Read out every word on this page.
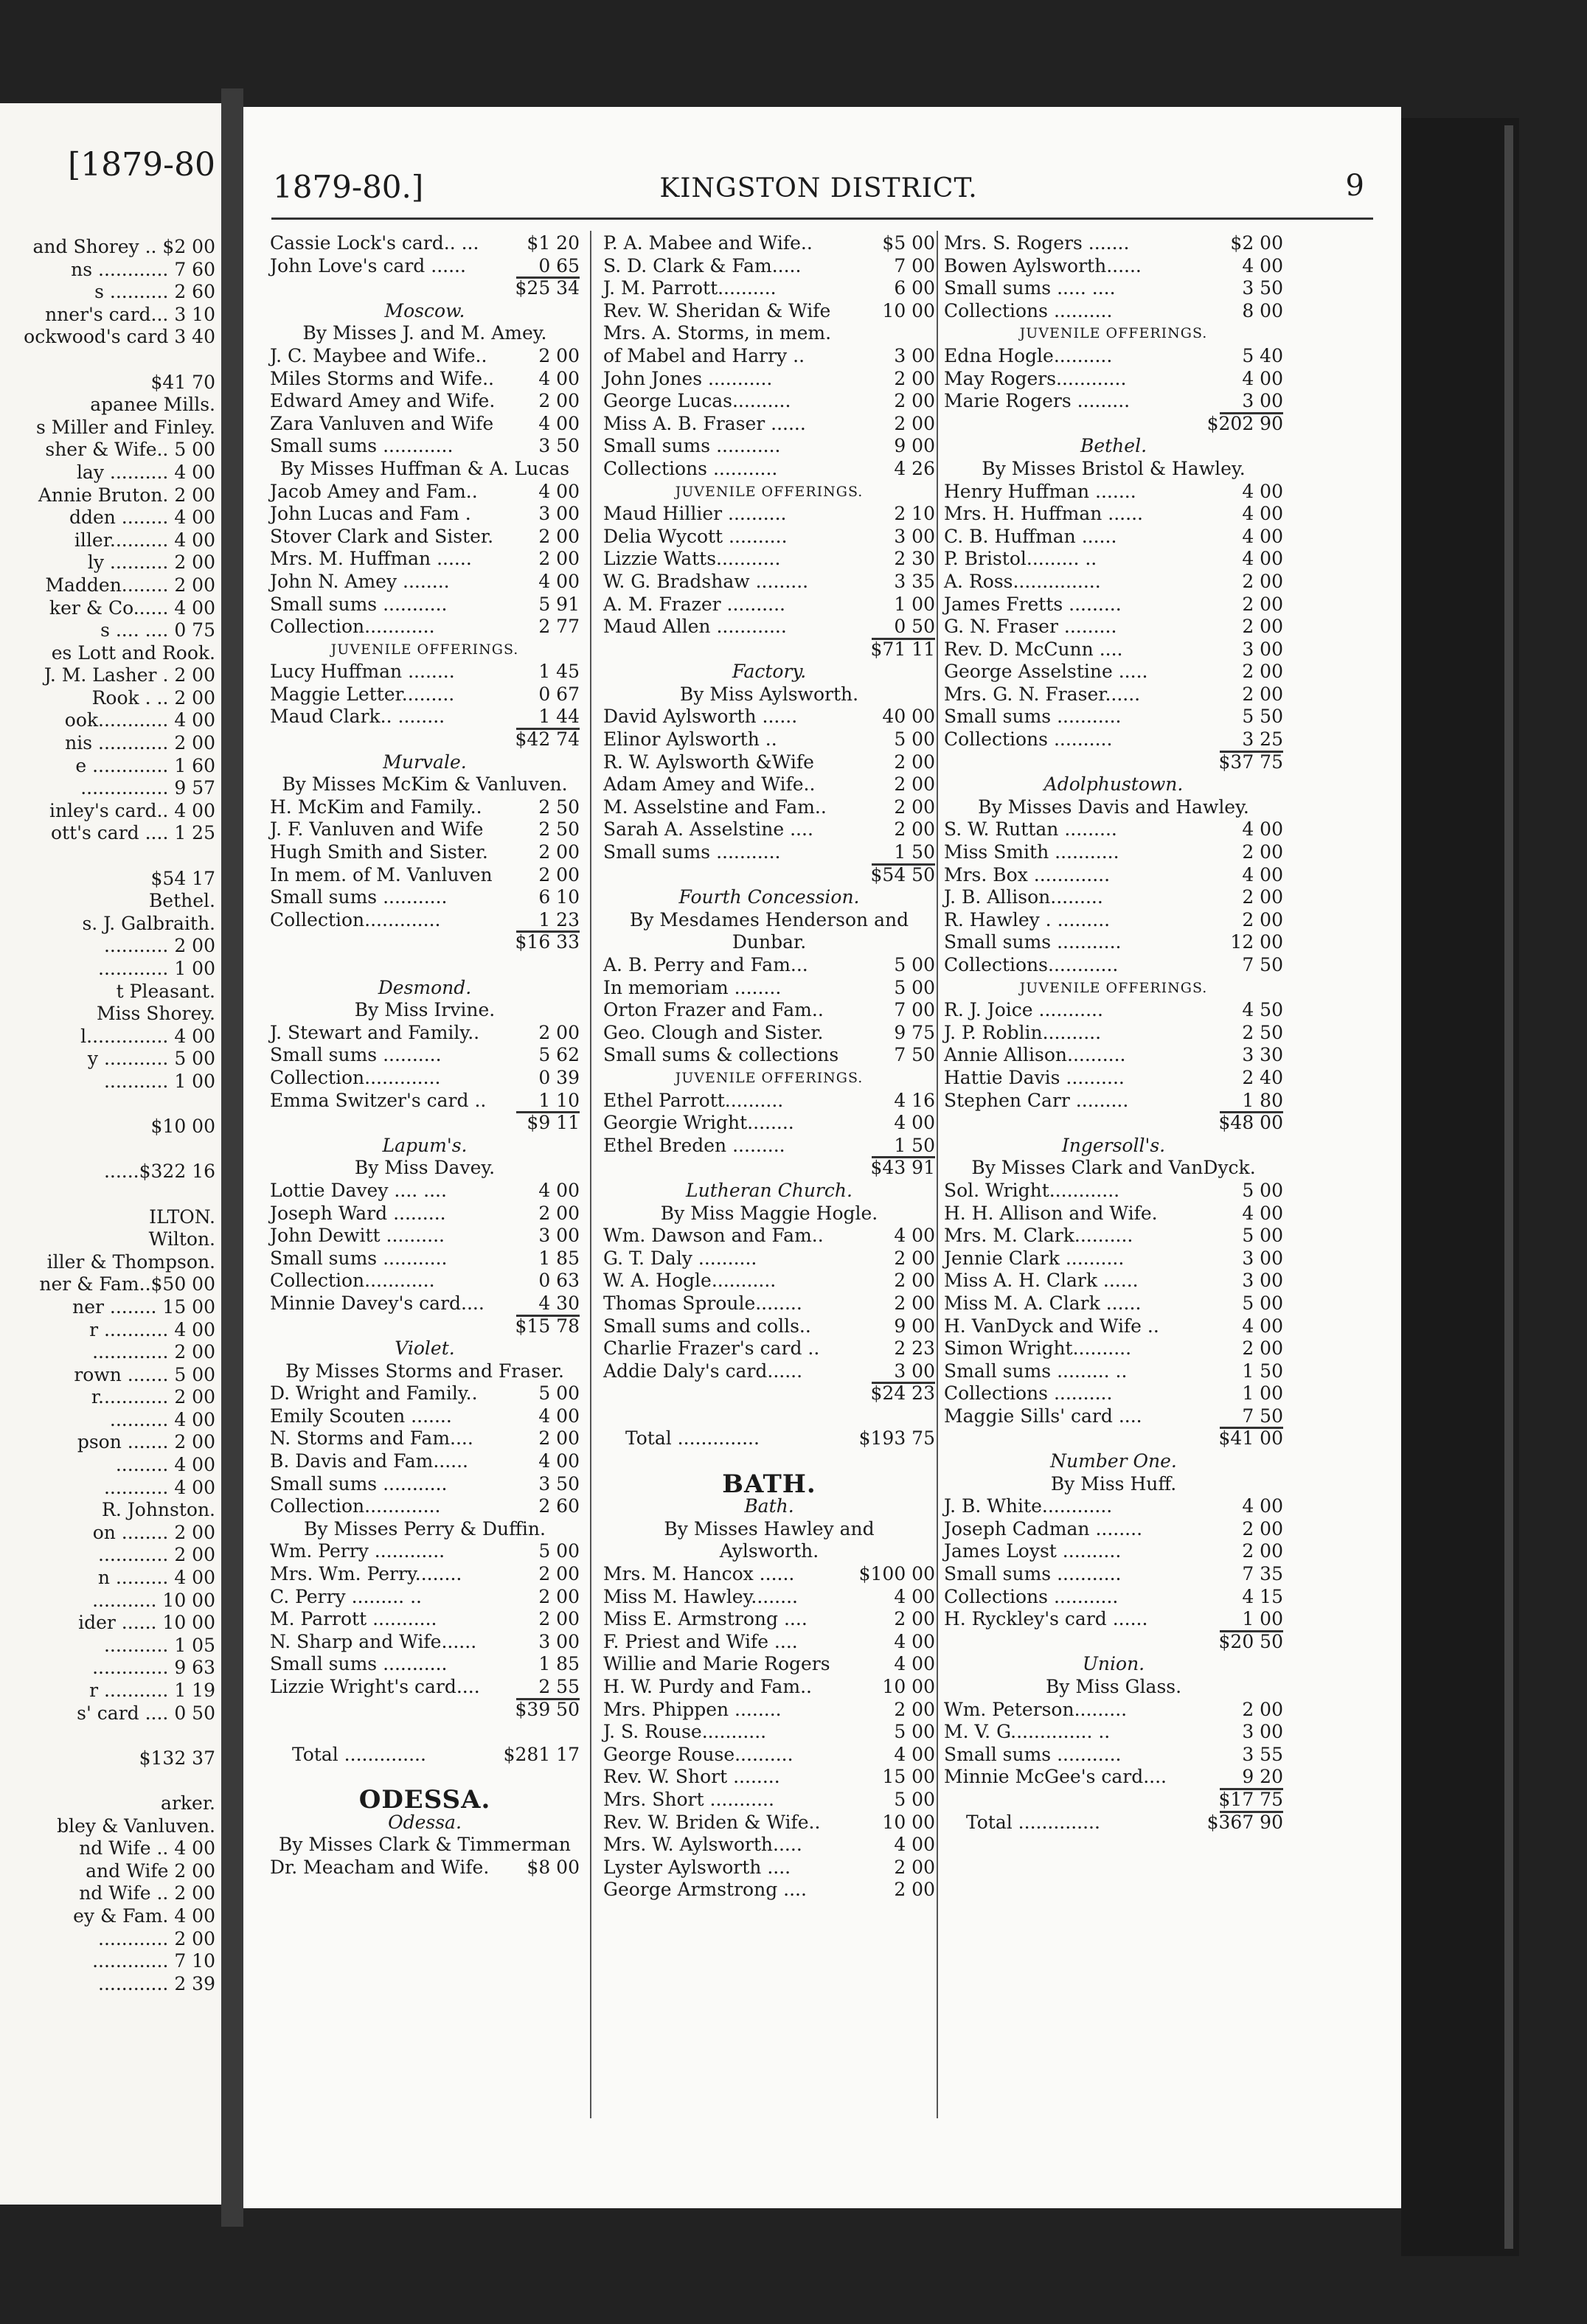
[1879-80
and Shorey .. $2 00
ns ............ 7 60
s .......... 2 60
nner's card... 3 10
ockwood's card 3 40
$41 70
apanee Mills.
s Miller and Finley.
sher & Wife.. 5 00
lay .......... 4 00
Annie Bruton. 2 00
dden ........ 4 00
iller.......... 4 00
ly .......... 2 00
Madden........ 2 00
ker & Co...... 4 00
s .... .... 0 75
es Lott and Rook.
J. M. Lasher . 2 00
Rook . .. 2 00
ook............ 4 00
nis ............ 2 00
e ............. 1 60
............... 9 57
inley's card.. 4 00
ott's card .... 1 25
$54 17
Bethel.
s. J. Galbraith.
........... 2 00
............ 1 00
t Pleasant.
Miss Shorey.
l.............. 4 00
y ........... 5 00
........... 1 00
$10 00
......$322 16
ILTON.
Wilton.
iller & Thompson.
ner & Fam..$50 00
ner ........ 15 00
r ........... 4 00
............. 2 00
rown ....... 5 00
r............ 2 00
.......... 4 00
pson ....... 2 00
......... 4 00
........... 4 00
R. Johnston.
on ........ 2 00
............ 2 00
n ......... 4 00
........... 10 00
ider ...... 10 00
........... 1 05
............. 9 63
r ........... 1 19
s' card .... 0 50
$132 37
arker.
bley & Vanluven.
nd Wife .. 4 00
and Wife 2 00
nd Wife .. 2 00
ey & Fam. 4 00
............ 2 00
............. 7 10
............ 2 39
1879-80.]	KINGSTON DISTRICT.	9
Cassie Lock's card.. ...	$1 20
John Love's card ......	0 65
$25 34
Moscow.
By Misses J. and M. Amey.
J. C. Maybee and Wife..	2 00
Miles Storms and Wife.. 4 00
Edward Amey and Wife. 2 00
Zara Vanluven and Wife 4 00
Small sums ............	3 50
By Misses Huffman & A. Lucas
Jacob Amey and Fam..	4 00
John Lucas and Fam .	3 00
Stover Clark and Sister. 2 00
Mrs. M. Huffman ......	2 00
John N. Amey ........	4 00
Small sums ...........	5 91
Collection............	2 77
JUVENILE OFFERINGS.
Lucy Huffman ........	1 45
Maggie Letter.........	0 67
Maud Clark.. ........	1 44
$42 74
Murvale.
By Misses McKim & Vanluven.
H. McKim and Family..	2 50
J. F. Vanluven and Wife	2 50
Hugh Smith and Sister.	2 00
In mem. of M. Vanluven	2 00
Small sums ...........	6 10
Collection.............	1 23
$16 33
Desmond.
By Miss Irvine.
J. Stewart and Family..	2 00
Small sums ..........	5 62
Collection.............	0 39
Emma Switzer's card ..	1 10
$9 11
Lapum's.
By Miss Davey.
Lottie Davey .... ....	4 00
Joseph Ward .........	2 00
John Dewitt ..........	3 00
Small sums ...........	1 85
Collection............	0 63
Minnie Davey's card....	4 30
$15 78
Violet.
By Misses Storms and Fraser.
D. Wright and Family..	5 00
Emily Scouten .......	4 00
N. Storms and Fam....	2 00
B. Davis and Fam......	4 00
Small sums ...........	3 50
Collection.............	2 60
By Misses Perry & Duffin.
Wm. Perry ............	5 00
Mrs. Wm. Perry........	2 00
C. Perry ......... ..	2 00
M. Parrott ...........	2 00
N. Sharp and Wife......	3 00
Small sums ...........	1 85
Lizzie Wright's card....	2 55
$39 50
Total ..............	$281 17
ODESSA.
Odessa.
By Misses Clark & Timmerman
Dr. Meacham and Wife. $8 00
P. A. Mabee and Wife..	$5 00
S. D. Clark & Fam.....	7 00
J. M. Parrott..........	6 00
Rev. W. Sheridan & Wife	10 00
Mrs. A. Storms, in mem.
of Mabel and Harry ..	3 00
John Jones ...........	2 00
George Lucas..........	2 00
Miss A. B. Fraser ......	2 00
Small sums ...........	9 00
Collections ...........	4 26
JUVENILE OFFERINGS.
Maud Hillier ..........	2 10
Delia Wycott ..........	3 00
Lizzie Watts...........	2 30
W. G. Bradshaw .........	3 35
A. M. Frazer ..........	1 00
Maud Allen ............	0 50
$71 11
Factory.
By Miss Aylsworth.
David Aylsworth ......	40 00
Elinor Aylsworth ..	5 00
R. W. Aylsworth &Wife	2 00
Adam Amey and Wife..	2 00
M. Asselstine and Fam..	2 00
Sarah A. Asselstine ....	2 00
Small sums ...........	1 50
$54 50
Fourth Concession.
By Mesdames Henderson and
Dunbar.
A. B. Perry and Fam...	5 00
In memoriam ........	5 00
Orton Frazer and Fam..	7 00
Geo. Clough and Sister.	9 75
Small sums & collections	7 50
JUVENILE OFFERINGS.
Ethel Parrott..........	4 16
Georgie Wright........	4 00
Ethel Breden .........	1 50
$43 91
Lutheran Church.
By Miss Maggie Hogle.
Wm. Dawson and Fam..	4 00
G. T. Daly ..........	2 00
W. A. Hogle...........	2 00
Thomas Sproule........	2 00
Small sums and colls..	9 00
Charlie Frazer's card ..	2 23
Addie Daly's card......	3 00
$24 23
Total ..............	$193 75
BATH.
Bath.
By Misses Hawley and
Aylsworth.
Mrs. M. Hancox ......	$100 00
Miss M. Hawley........	4 00
Miss E. Armstrong ....	2 00
F. Priest and Wife ....	4 00
Willie and Marie Rogers	4 00
H. W. Purdy and Fam..	10 00
Mrs. Phippen ........	2 00
J. S. Rouse...........	5 00
George Rouse..........	4 00
Rev. W. Short ........	15 00
Mrs. Short ...........	5 00
Rev. W. Briden & Wife..	10 00
Mrs. W. Aylsworth.....	4 00
Lyster Aylsworth ....	2 00
George Armstrong ....	2 00
Mrs. S. Rogers .......	$2 00
Bowen Aylsworth......	4 00
Small sums ..... ....	3 50
Collections ..........	8 00
JUVENILE OFFERINGS.
Edna Hogle..........	5 40
May Rogers............	4 00
Marie Rogers .........	3 00
$202 90
Bethel.
By Misses Bristol & Hawley.
Henry Huffman .......	4 00
Mrs. H. Huffman ......	4 00
C. B. Huffman ......	4 00
P. Bristol......... ..	4 00
A. Ross...............	2 00
James Fretts .........	2 00
G. N. Fraser .........	2 00
Rev. D. McCunn ....	3 00
George Asselstine .....	2 00
Mrs. G. N. Fraser......	2 00
Small sums ...........	5 50
Collections ..........	3 25
$37 75
Adolphustown.
By Misses Davis and Hawley.
S. W. Ruttan .........	4 00
Miss Smith ...........	2 00
Mrs. Box .............	4 00
J. B. Allison.........	2 00
R. Hawley . .........	2 00
Small sums ...........	12 00
Collections............	7 50
JUVENILE OFFERINGS.
R. J. Joice ...........	4 50
J. P. Roblin..........	2 50
Annie Allison..........	3 30
Hattie Davis ..........	2 40
Stephen Carr .........	1 80
$48 00
Ingersoll's.
By Misses Clark and VanDyck.
Sol. Wright............	5 00
H. H. Allison and Wife.	4 00
Mrs. M. Clark..........	5 00
Jennie Clark ..........	3 00
Miss A. H. Clark ......	3 00
Miss M. A. Clark ......	5 00
H. VanDyck and Wife ..	4 00
Simon Wright..........	2 00
Small sums ......... ..	1 50
Collections ..........	1 00
Maggie Sills' card ....	7 50
$41 00
Number One.
By Miss Huff.
J. B. White............	4 00
Joseph Cadman ........	2 00
James Loyst ..........	2 00
Small sums ...........	7 35
Collections ...........	4 15
H. Ryckley's card ......	1 00
$20 50
Union.
By Miss Glass.
Wm. Peterson.........	2 00
M. V. G.............. ..	3 00
Small sums ...........	3 55
Minnie McGee's card....	9 20
$17 75
Total ..............	$367 90
